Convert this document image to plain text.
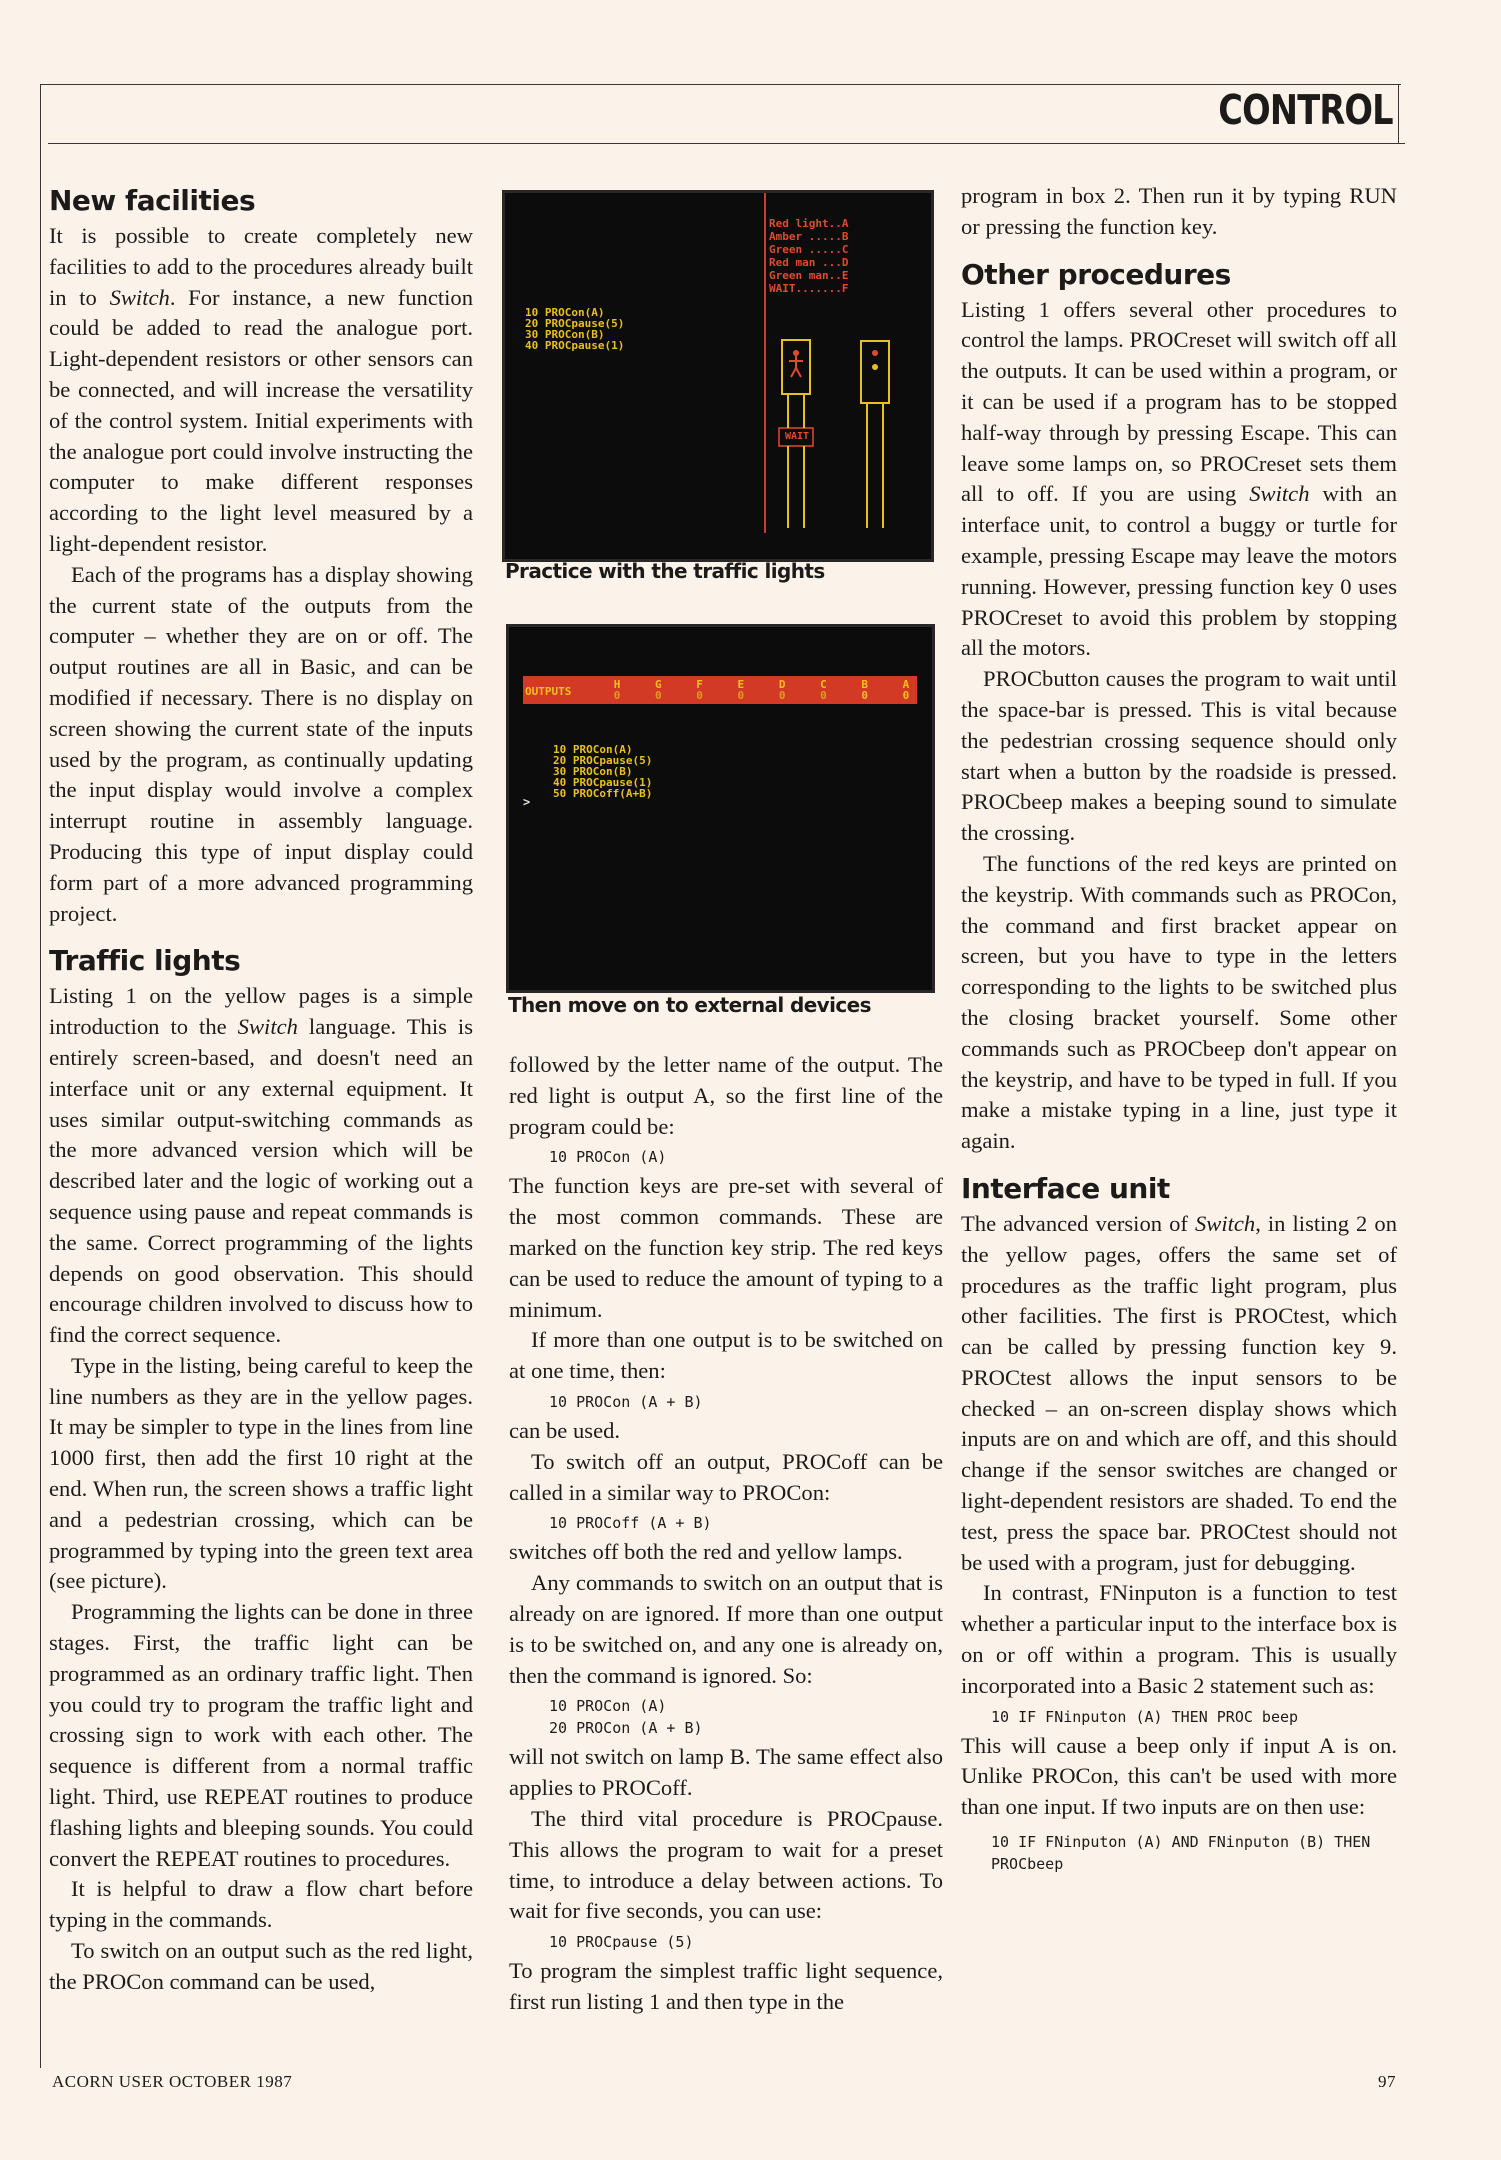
CONTROL
New facilities

It is possible to create completely new facilities to add to the procedures already built in to Switch. For instance, a new function could be added to read the analogue port. Light-dependent resistors or other sensors can be connected, and will increase the versatility of the control system. Initial experiments with the analogue port could involve instructing the computer to make different responses according to the light level measured by a light-dependent resistor.

Each of the programs has a display showing the current state of the outputs from the computer – whether they are on or off. The output routines are all in Basic, and can be modified if necessary. There is no display on screen showing the current state of the inputs used by the program, as continually updating the input display would involve a complex interrupt routine in assembly language. Producing this type of input display could form part of a more advanced programming project.

Traffic lights

Listing 1 on the yellow pages is a simple introduction to the Switch language. This is entirely screen-based, and doesn't need an interface unit or any external equipment. It uses similar output-switching commands as the more advanced version which will be described later and the logic of working out a sequence using pause and repeat commands is the same. Correct programming of the lights depends on good observation. This should encourage children involved to discuss how to find the correct sequence.

Type in the listing, being careful to keep the line numbers as they are in the yellow pages. It may be simpler to type in the lines from line 1000 first, then add the first 10 right at the end. When run, the screen shows a traffic light and a pedestrian crossing, which can be programmed by typing into the green text area (see picture).

Programming the lights can be done in three stages. First, the traffic light can be programmed as an ordinary traffic light. Then you could try to program the traffic light and crossing sign to work with each other. The sequence is different from a normal traffic light. Third, use REPEAT routines to produce flashing lights and bleeping sounds. You could convert the REPEAT routines to procedures.

It is helpful to draw a flow chart before typing in the commands.

To switch on an output such as the red light, the PROCon command can be used,

10 PROCon(A)
20 PROCpause(5)
30 PROCon(B)
40 PROCpause(1)
Red light..A
Amber .....B
Green .....C
Red man ...D
Green man..E
WAIT.......F
WAIT
Practice with the traffic lights
OUTPUTS
H
0
G
0
F
0
E
0
D
0
C
0
B
0
A
0
10 PROCon(A)
20 PROCpause(5)
30 PROCon(B)
40 PROCpause(1)
50 PROCoff(A+B)
>
Then move on to external devices

followed by the letter name of the output. The red light is output A, so the first line of the program could be:

10 PROCon (A)

The function keys are pre-set with several of the most common commands. These are marked on the function key strip. The red keys can be used to reduce the amount of typing to a minimum.

If more than one output is to be switched on at one time, then:

10 PROCon (A + B)

can be used.

To switch off an output, PROCoff can be called in a similar way to PROCon:

10 PROCoff (A + B)

switches off both the red and yellow lamps.

Any commands to switch on an output that is already on are ignored. If more than one output is to be switched on, and any one is already on, then the command is ignored. So:

10 PROCon (A)
20 PROCon (A + B)

will not switch on lamp B. The same effect also applies to PROCoff.

The third vital procedure is PROCpause. This allows the program to wait for a preset time, to introduce a delay between actions. To wait for five seconds, you can use:

10 PROCpause (5)

To program the simplest traffic light sequence, first run listing 1 and then type in the

program in box 2. Then run it by typing RUN or pressing the function key.

Other procedures

Listing 1 offers several other procedures to control the lamps. PROCreset will switch off all the outputs. It can be used within a program, or it can be used if a program has to be stopped half-way through by pressing Escape. This can leave some lamps on, so PROCreset sets them all to off. If you are using Switch with an interface unit, to control a buggy or turtle for example, pressing Escape may leave the motors running. However, pressing function key 0 uses PROCreset to avoid this problem by stopping all the motors.

PROCbutton causes the program to wait until the space-bar is pressed. This is vital because the pedestrian crossing sequence should only start when a button by the roadside is pressed. PROCbeep makes a beeping sound to simulate the crossing.

The functions of the red keys are printed on the keystrip. With commands such as PROCon, the command and first bracket appear on screen, but you have to type in the letters corresponding to the lights to be switched plus the closing bracket yourself. Some other commands such as PROCbeep don't appear on the keystrip, and have to be typed in full. If you make a mistake typing in a line, just type it again.

Interface unit

The advanced version of Switch, in listing 2 on the yellow pages, offers the same set of procedures as the traffic light program, plus other facilities. The first is PROCtest, which can be called by pressing function key 9. PROCtest allows the input sensors to be checked – an on-screen display shows which inputs are on and which are off, and this should change if the sensor switches are changed or light-dependent resistors are shaded. To end the test, press the space bar. PROCtest should not be used with a program, just for debugging.

In contrast, FNinputon is a function to test whether a particular input to the interface box is on or off within a program. This is usually incorporated into a Basic 2 statement such as:

10 IF FNinputon (A) THEN PROC beep

This will cause a beep only if input A is on. Unlike PROCon, this can't be used with more than one input. If two inputs are on then use:

10 IF FNinputon (A) AND FNinputon (B) THEN PROCbeep
ACORN USER OCTOBER 1987	97
